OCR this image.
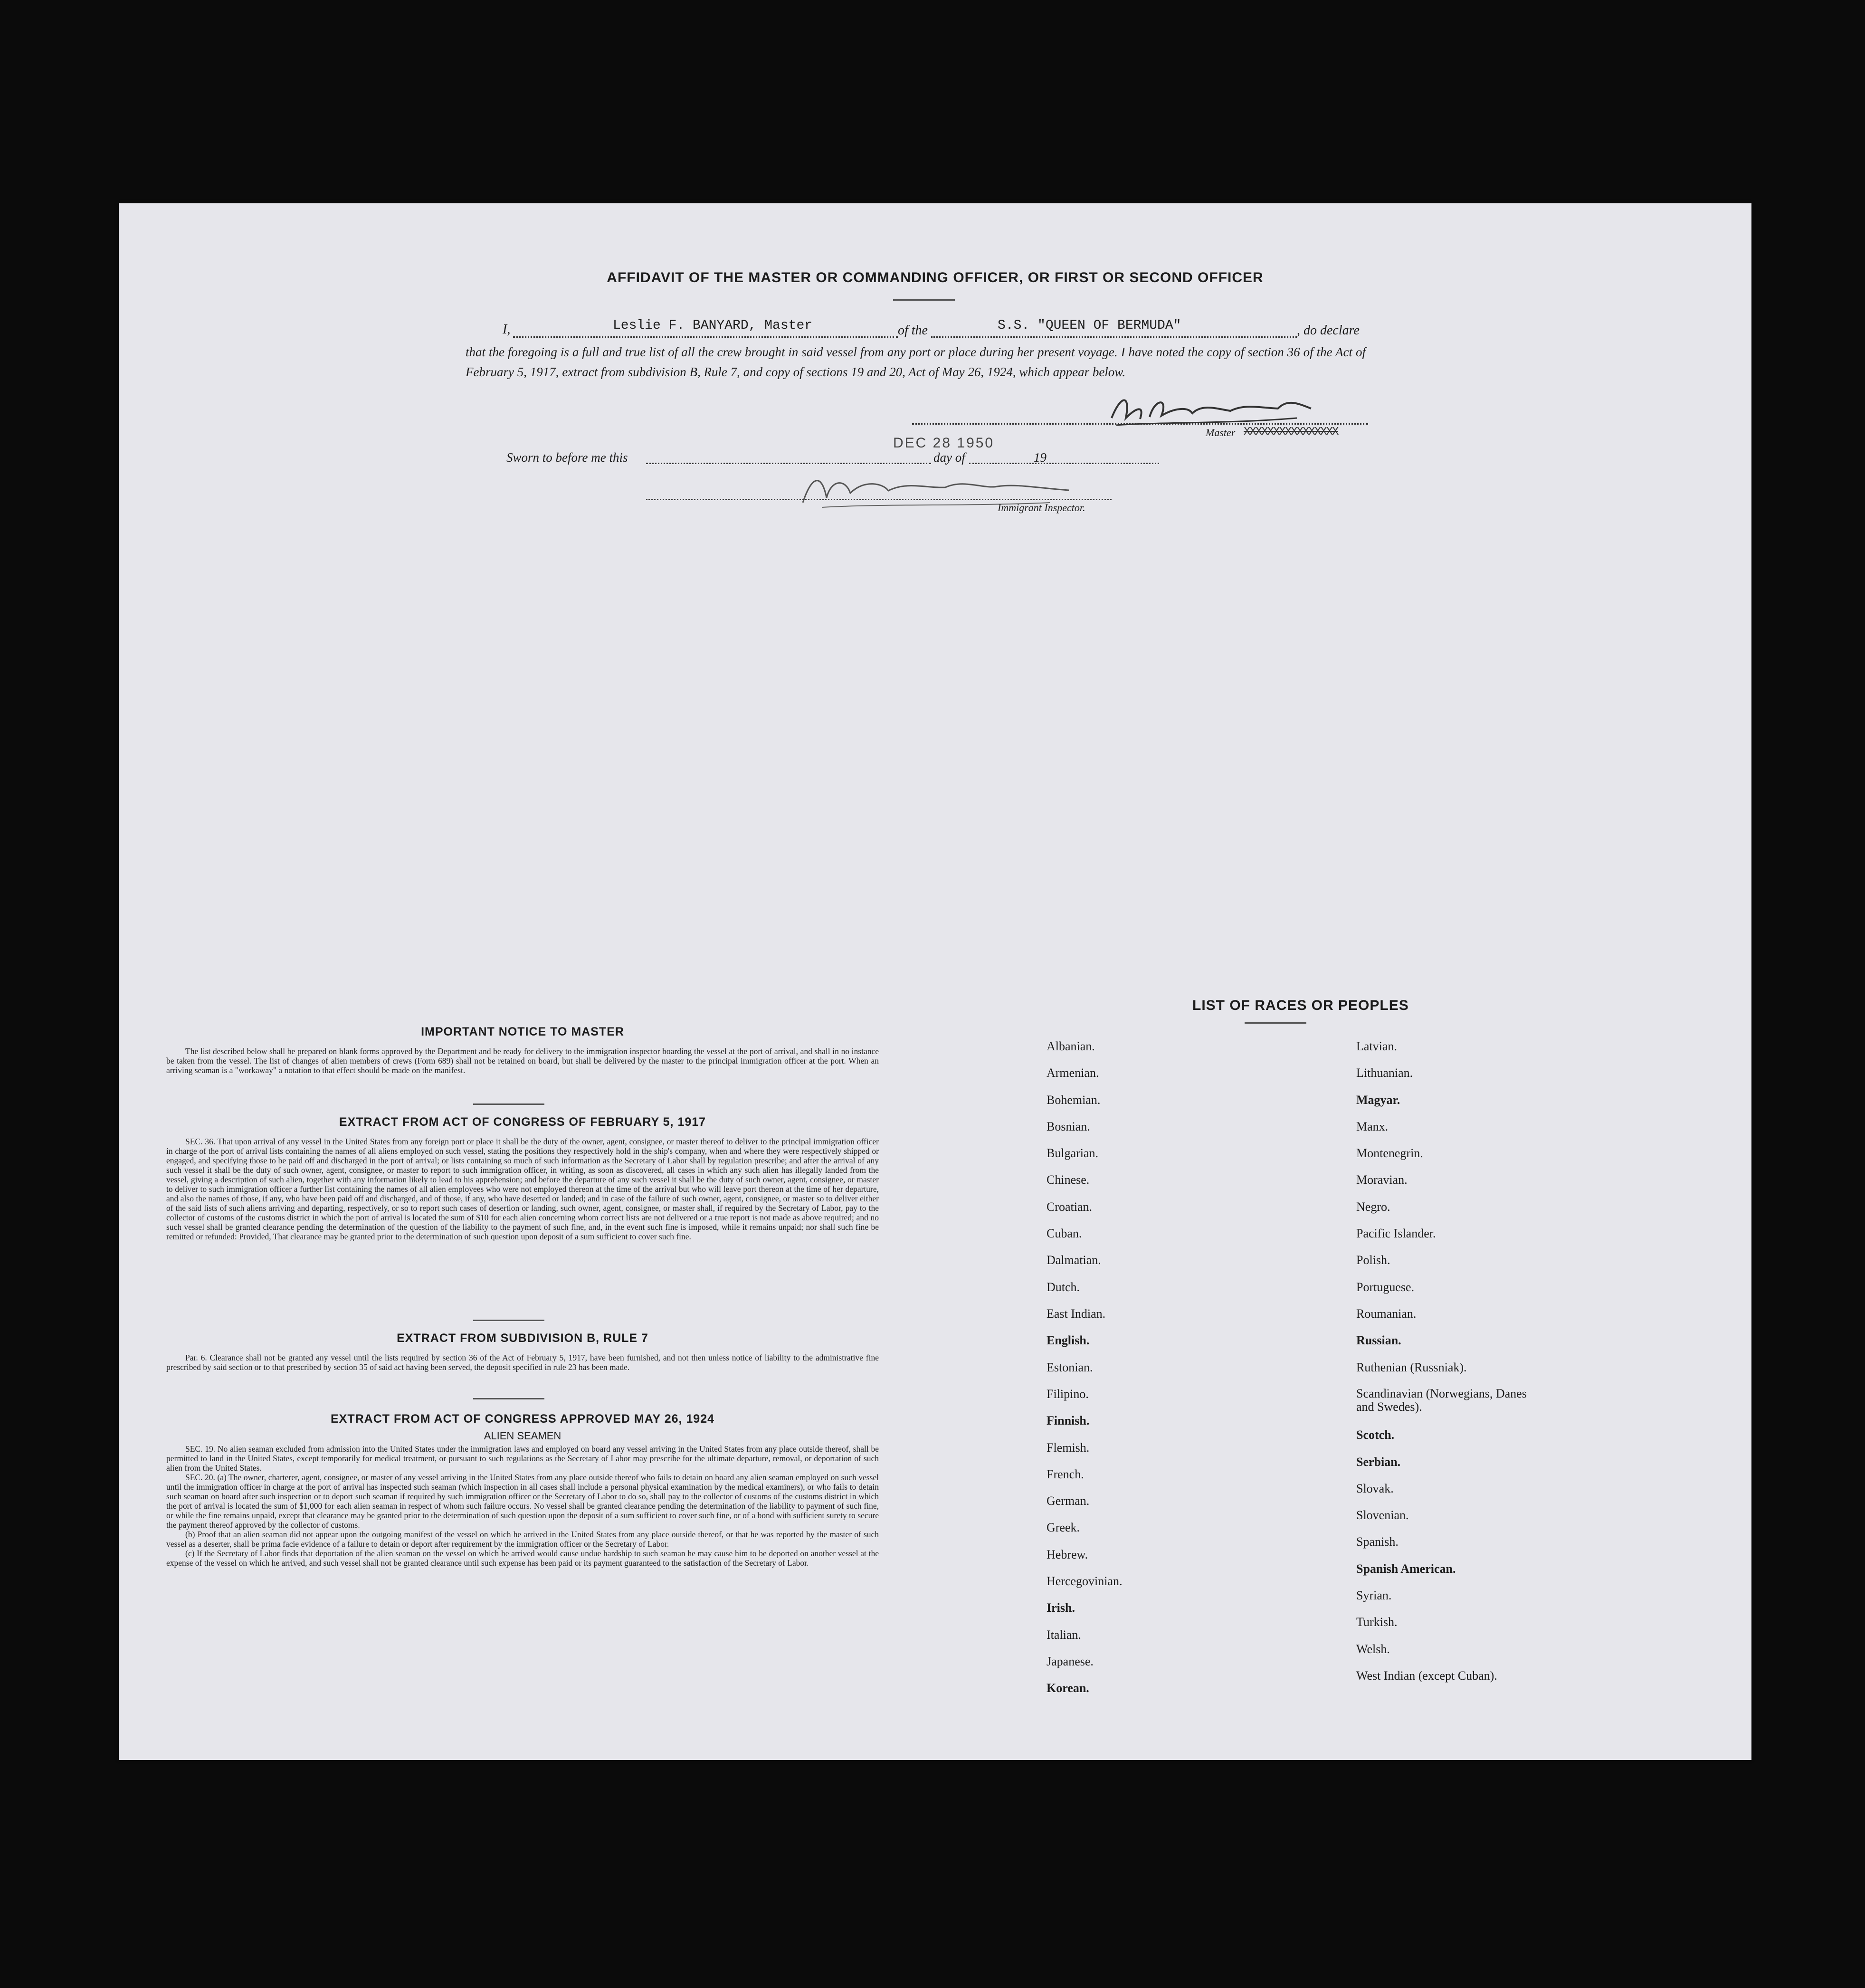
AFFIDAVIT OF THE MASTER OR COMMANDING OFFICER, OR FIRST OR SECOND OFFICER
I,	Leslie F. BANYARD, Master	of the	S.S. "QUEEN OF BERMUDA"	, do declare
that the foregoing is a full and true list of all the crew brought in said vessel from any port or place during her present voyage. I have noted the copy of section 36 of the Act of February 5, 1917, extract from subdivision B, Rule 7, and copy of sections 19 and 20, Act of May 26, 1924, which appear below.
Master XXXXXXXXXXXXXXXX
Sworn to before me this	day of
DEC 28 1950
19
Immigrant Inspector.
IMPORTANT NOTICE TO MASTER

The list described below shall be prepared on blank forms approved by the Department and be ready for delivery to the immigration inspector boarding the vessel at the port of arrival, and shall in no instance be taken from the vessel. The list of changes of alien members of crews (Form 689) shall not be retained on board, but shall be delivered by the master to the principal immigration officer at the port. When an arriving seaman is a "workaway" a notation to that effect should be made on the manifest.

EXTRACT FROM ACT OF CONGRESS OF FEBRUARY 5, 1917

SEC. 36. That upon arrival of any vessel in the United States from any foreign port or place it shall be the duty of the owner, agent, consignee, or master thereof to deliver to the principal immigration officer in charge of the port of arrival lists containing the names of all aliens employed on such vessel, stating the positions they respectively hold in the ship's company, when and where they were respectively shipped or engaged, and specifying those to be paid off and discharged in the port of arrival; or lists containing so much of such information as the Secretary of Labor shall by regulation prescribe; and after the arrival of any such vessel it shall be the duty of such owner, agent, consignee, or master to report to such immigration officer, in writing, as soon as discovered, all cases in which any such alien has illegally landed from the vessel, giving a description of such alien, together with any information likely to lead to his apprehension; and before the departure of any such vessel it shall be the duty of such owner, agent, consignee, or master to deliver to such immigration officer a further list containing the names of all alien employees who were not employed thereon at the time of the arrival but who will leave port thereon at the time of her departure, and also the names of those, if any, who have been paid off and discharged, and of those, if any, who have deserted or landed; and in case of the failure of such owner, agent, consignee, or master so to deliver either of the said lists of such aliens arriving and departing, respectively, or so to report such cases of desertion or landing, such owner, agent, consignee, or master shall, if required by the Secretary of Labor, pay to the collector of customs of the customs district in which the port of arrival is located the sum of $10 for each alien concerning whom correct lists are not delivered or a true report is not made as above required; and no such vessel shall be granted clearance pending the determination of the question of the liability to the payment of such fine, and, in the event such fine is imposed, while it remains unpaid; nor shall such fine be remitted or refunded: Provided, That clearance may be granted prior to the determination of such question upon deposit of a sum sufficient to cover such fine.

EXTRACT FROM SUBDIVISION B, RULE 7

Par. 6. Clearance shall not be granted any vessel until the lists required by section 36 of the Act of February 5, 1917, have been furnished, and not then unless notice of liability to the administrative fine prescribed by said section or to that prescribed by section 35 of said act having been served, the deposit specified in rule 23 has been made.

EXTRACT FROM ACT OF CONGRESS APPROVED MAY 26, 1924
ALIEN SEAMEN

SEC. 19. No alien seaman excluded from admission into the United States under the immigration laws and employed on board any vessel arriving in the United States from any place outside thereof, shall be permitted to land in the United States, except temporarily for medical treatment, or pursuant to such regulations as the Secretary of Labor may prescribe for the ultimate departure, removal, or deportation of such alien from the United States.

SEC. 20. (a) The owner, charterer, agent, consignee, or master of any vessel arriving in the United States from any place outside thereof who fails to detain on board any alien seaman employed on such vessel until the immigration officer in charge at the port of arrival has inspected such seaman (which inspection in all cases shall include a personal physical examination by the medical examiners), or who fails to detain such seaman on board after such inspection or to deport such seaman if required by such immigration officer or the Secretary of Labor to do so, shall pay to the collector of customs of the customs district in which the port of arrival is located the sum of $1,000 for each alien seaman in respect of whom such failure occurs. No vessel shall be granted clearance pending the determination of the liability to payment of such fine, or while the fine remains unpaid, except that clearance may be granted prior to the determination of such question upon the deposit of a sum sufficient to cover such fine, or of a bond with sufficient surety to secure the payment thereof approved by the collector of customs.

(b) Proof that an alien seaman did not appear upon the outgoing manifest of the vessel on which he arrived in the United States from any place outside thereof, or that he was reported by the master of such vessel as a deserter, shall be prima facie evidence of a failure to detain or deport after requirement by the immigration officer or the Secretary of Labor.

(c) If the Secretary of Labor finds that deportation of the alien seaman on the vessel on which he arrived would cause undue hardship to such seaman he may cause him to be deported on another vessel at the expense of the vessel on which he arrived, and such vessel shall not be granted clearance until such expense has been paid or its payment guaranteed to the satisfaction of the Secretary of Labor.

LIST OF RACES OR PEOPLES
Albanian.
Armenian.
Bohemian.
Bosnian.
Bulgarian.
Chinese.
Croatian.
Cuban.
Dalmatian.
Dutch.
East Indian.
English.
Estonian.
Filipino.
Finnish.
Flemish.
French.
German.
Greek.
Hebrew.
Hercegovinian.
Irish.
Italian.
Japanese.
Korean.
Latvian.
Lithuanian.
Magyar.
Manx.
Montenegrin.
Moravian.
Negro.
Pacific Islander.
Polish.
Portuguese.
Roumanian.
Russian.
Ruthenian (Russniak).
Scandinavian (Norwegians, Danes and Swedes).
Scotch.
Serbian.
Slovak.
Slovenian.
Spanish.
Spanish American.
Syrian.
Turkish.
Welsh.
West Indian (except Cuban).
